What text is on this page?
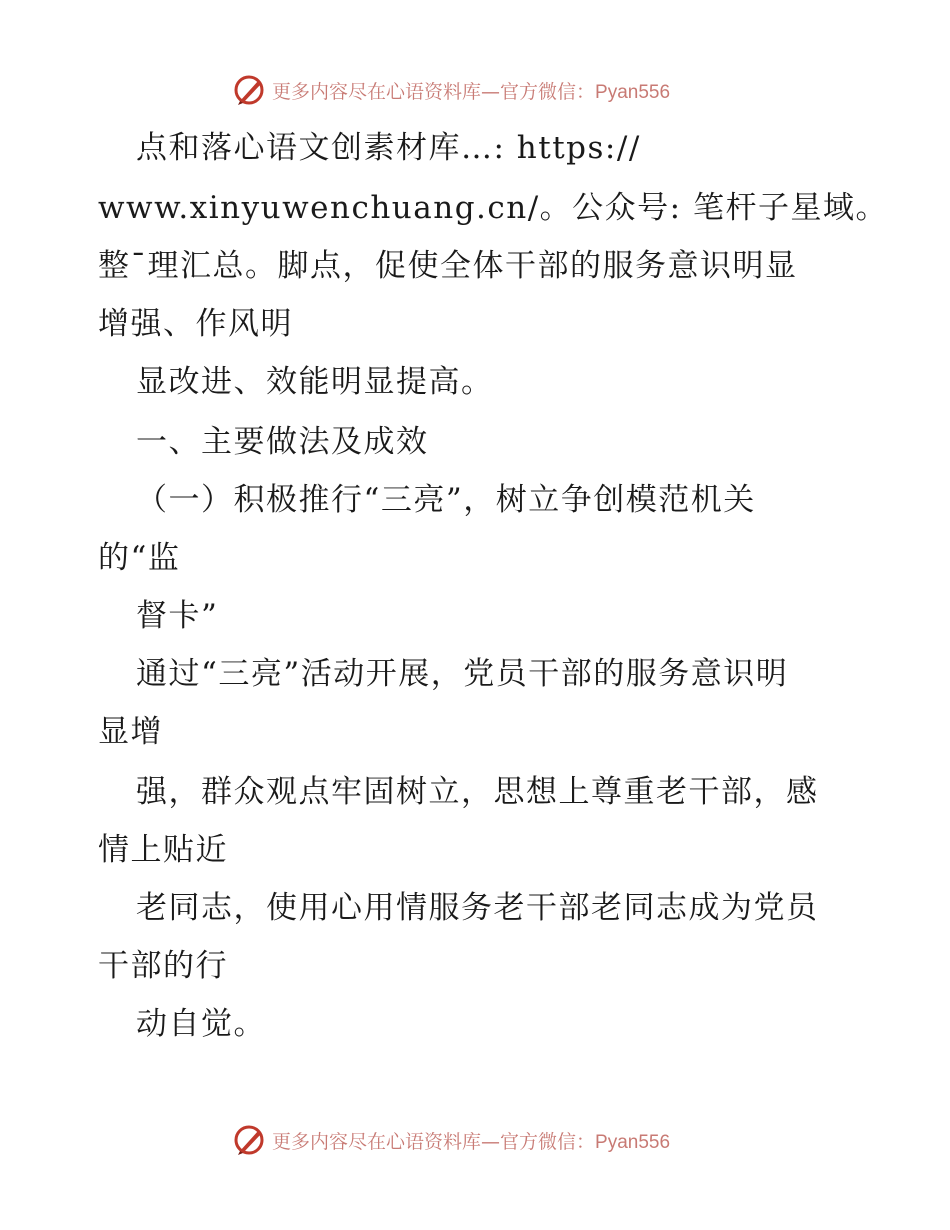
更多内容尽在心语资料库—官方微信：Pyan556
点和落心语文创素材库…: https://
www.xinyuwenchuang.cn/。公众号: 笔杆子星域。
整¯理汇总。脚点，促使全体干部的服务意识明显
增强、作风明
显改进、效能明显提高。
一、主要做法及成效
（一）积极推行“三亮”，树立争创模范机关
的“监
督卡”
通过“三亮”活动开展，党员干部的服务意识明
显增
强，群众观点牢固树立，思想上尊重老干部，感
情上贴近
老同志，使用心用情服务老干部老同志成为党员
干部的行
动自觉。
更多内容尽在心语资料库—官方微信：Pyan556
